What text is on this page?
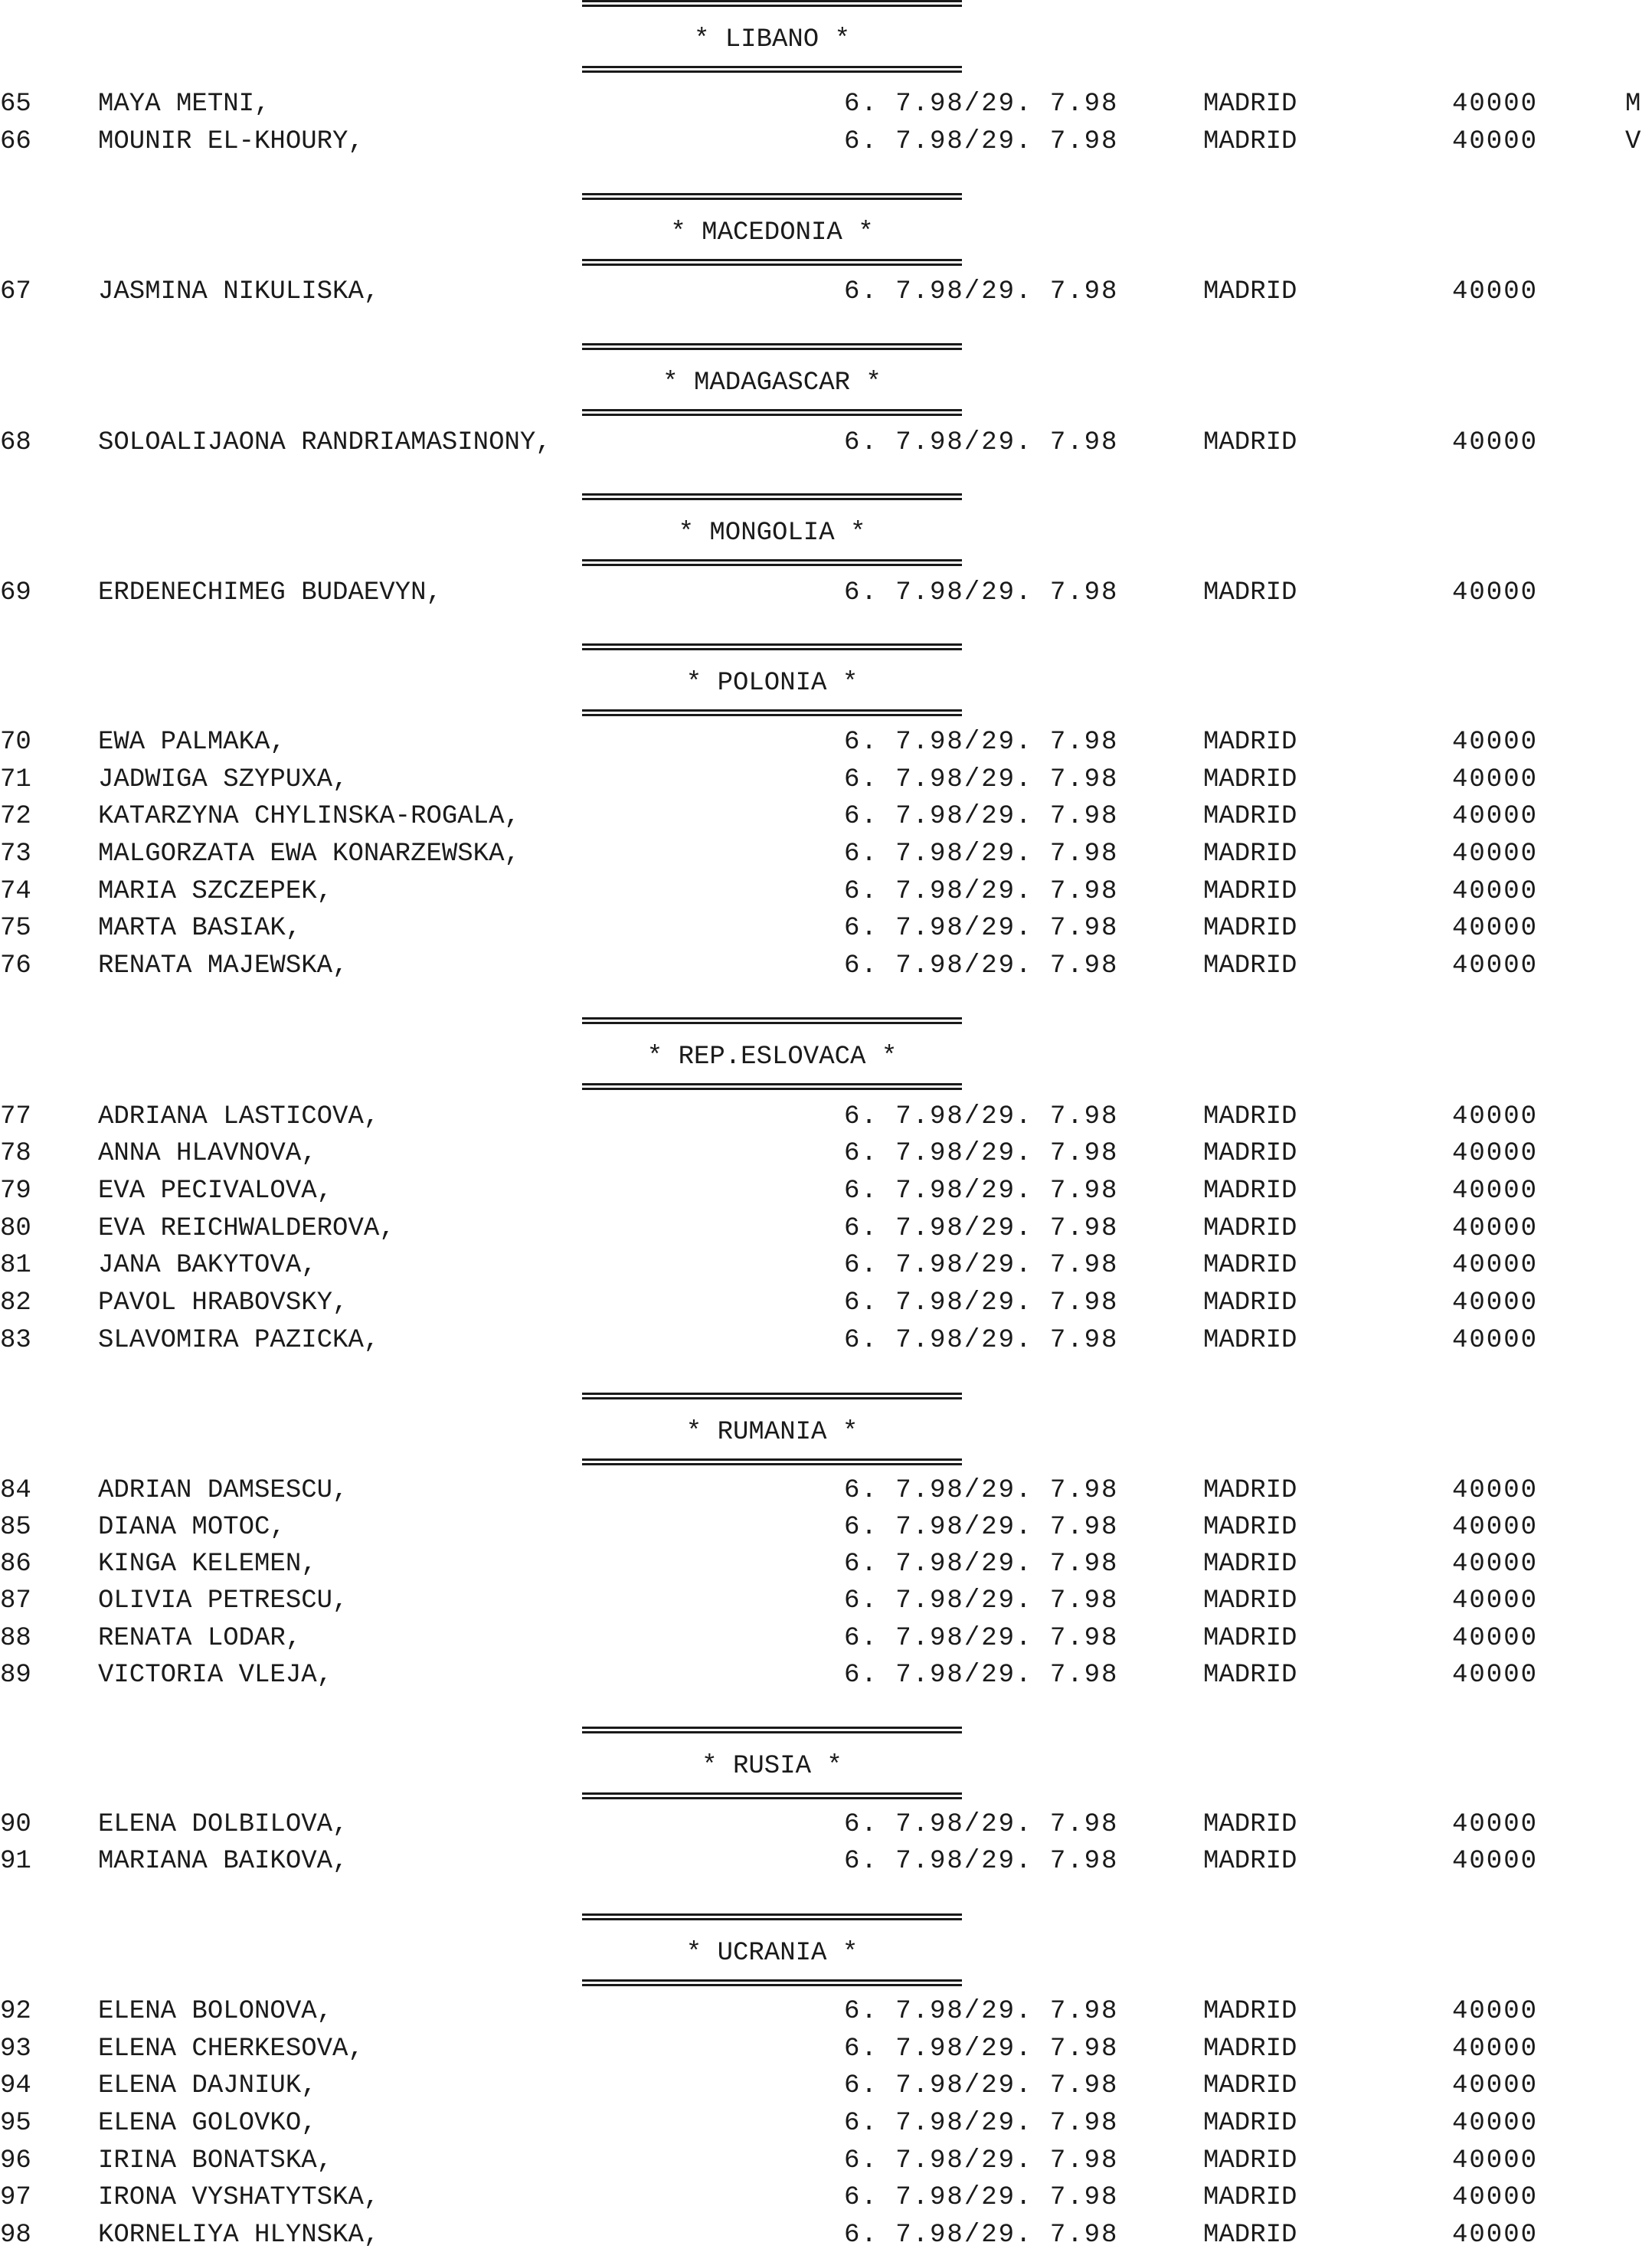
* LIBANO *
65	MAYA METNI,	6. 7.98/29. 7.98	MADRID	40000	M
66	MOUNIR EL-KHOURY,	6. 7.98/29. 7.98	MADRID	40000	V
* MACEDONIA *
67	JASMINA NIKULISKA,	6. 7.98/29. 7.98	MADRID	40000
* MADAGASCAR *
68	SOLOALIJAONA RANDRIAMASINONY,	6. 7.98/29. 7.98	MADRID	40000
* MONGOLIA *
69	ERDENECHIMEG BUDAEVYN,	6. 7.98/29. 7.98	MADRID	40000
* POLONIA *
70	EWA PALMAKA,	6. 7.98/29. 7.98	MADRID	40000
71	JADWIGA SZYPUXA,	6. 7.98/29. 7.98	MADRID	40000
72	KATARZYNA CHYLINSKA-ROGALA,	6. 7.98/29. 7.98	MADRID	40000
73	MALGORZATA EWA KONARZEWSKA,	6. 7.98/29. 7.98	MADRID	40000
74	MARIA SZCZEPEK,	6. 7.98/29. 7.98	MADRID	40000
75	MARTA BASIAK,	6. 7.98/29. 7.98	MADRID	40000
76	RENATA MAJEWSKA,	6. 7.98/29. 7.98	MADRID	40000
* REP.ESLOVACA *
77	ADRIANA LASTICOVA,	6. 7.98/29. 7.98	MADRID	40000
78	ANNA HLAVNOVA,	6. 7.98/29. 7.98	MADRID	40000
79	EVA PECIVALOVA,	6. 7.98/29. 7.98	MADRID	40000
80	EVA REICHWALDEROVA,	6. 7.98/29. 7.98	MADRID	40000
81	JANA BAKYTOVA,	6. 7.98/29. 7.98	MADRID	40000
82	PAVOL HRABOVSKY,	6. 7.98/29. 7.98	MADRID	40000
83	SLAVOMIRA PAZICKA,	6. 7.98/29. 7.98	MADRID	40000
* RUMANIA *
84	ADRIAN DAMSESCU,	6. 7.98/29. 7.98	MADRID	40000
85	DIANA MOTOC,	6. 7.98/29. 7.98	MADRID	40000
86	KINGA KELEMEN,	6. 7.98/29. 7.98	MADRID	40000
87	OLIVIA PETRESCU,	6. 7.98/29. 7.98	MADRID	40000
88	RENATA LODAR,	6. 7.98/29. 7.98	MADRID	40000
89	VICTORIA VLEJA,	6. 7.98/29. 7.98	MADRID	40000
* RUSIA *
90	ELENA DOLBILOVA,	6. 7.98/29. 7.98	MADRID	40000
91	MARIANA BAIKOVA,	6. 7.98/29. 7.98	MADRID	40000
* UCRANIA *
92	ELENA BOLONOVA,	6. 7.98/29. 7.98	MADRID	40000
93	ELENA CHERKESOVA,	6. 7.98/29. 7.98	MADRID	40000
94	ELENA DAJNIUK,	6. 7.98/29. 7.98	MADRID	40000
95	ELENA GOLOVKO,	6. 7.98/29. 7.98	MADRID	40000
96	IRINA BONATSKA,	6. 7.98/29. 7.98	MADRID	40000
97	IRONA VYSHATYTSKA,	6. 7.98/29. 7.98	MADRID	40000
98	KORNELIYA HLYNSKA,	6. 7.98/29. 7.98	MADRID	40000
